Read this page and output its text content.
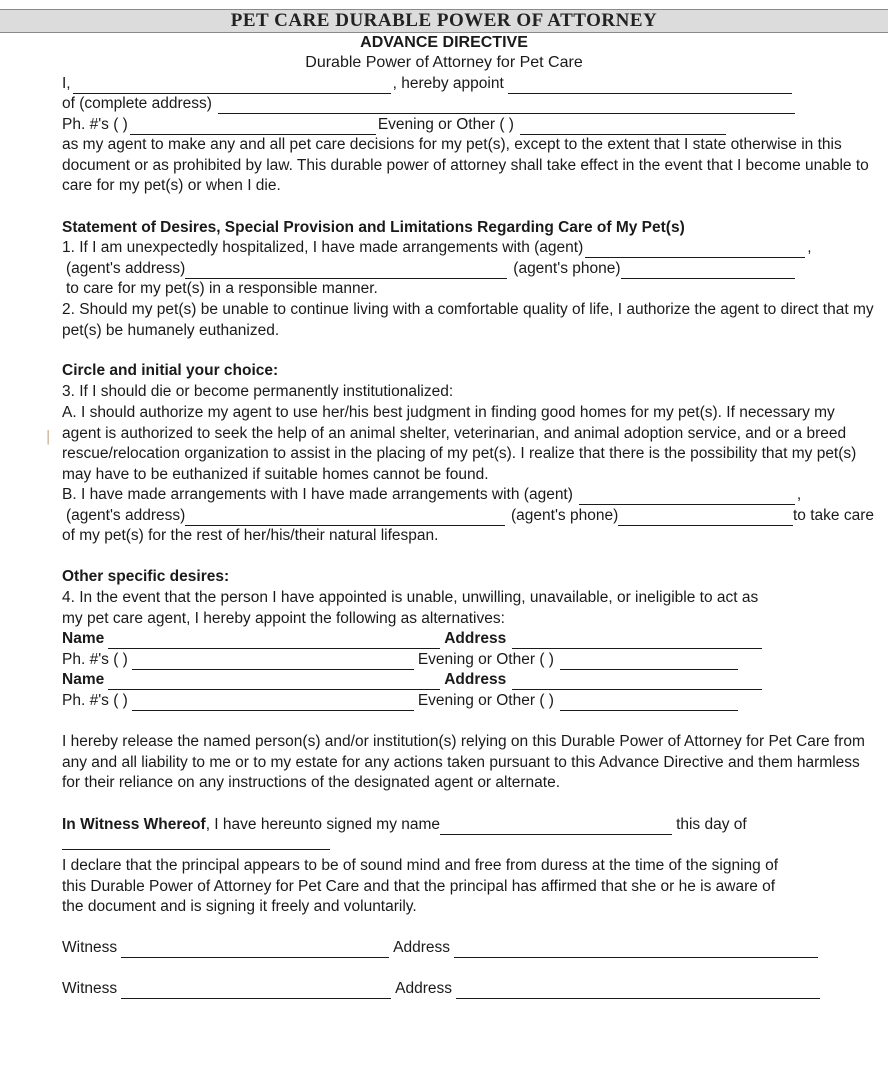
PET CARE DURABLE POWER OF ATTORNEY
ADVANCE DIRECTIVE
Durable Power of Attorney for Pet Care
I,	, hereby appoint
of (complete address)
Ph. #'s ( )	Evening or Other ( )
as my agent to make any and all pet care decisions for my pet(s), except to the extent that I state otherwise in this document or as prohibited by law. This durable power of attorney shall take effect in the event that I become unable to care for my pet(s) or when I die.
Statement of Desires, Special Provision and Limitations Regarding Care of My Pet(s)
1. If I am unexpectedly hospitalized, I have made arrangements with (agent)	,
(agent's address)	(agent's phone)
to care for my pet(s) in a responsible manner.
2. Should my pet(s) be unable to continue living with a comfortable quality of life, I authorize the agent to direct that my pet(s) be humanely euthanized.
Circle and initial your choice:
3. If I should die or become permanently institutionalized:
A. I should authorize my agent to use her/his best judgment in finding good homes for my pet(s). If necessary my agent is authorized to seek the help of an animal shelter, veterinarian, and animal adoption service, and or a breed rescue/relocation organization to assist in the placing of my pet(s). I realize that there is the possibility that my pet(s) may have to be euthanized if suitable homes cannot be found.
│
B. I have made arrangements with I have made arrangements with (agent)	,
(agent's address)	(agent's phone)	to take care
of my pet(s) for the rest of her/his/their natural lifespan.
Other specific desires:
4. In the event that the person I have appointed is unable, unwilling, unavailable, or ineligible to act as my pet care agent, I hereby appoint the following as alternatives:
Name	Address
Ph. #'s ( )	Evening or Other ( )
Name	Address
Ph. #'s ( )	Evening or Other ( )
I hereby release the named person(s) and/or institution(s) relying on this Durable Power of Attorney for Pet Care from any and all liability to me or to my estate for any actions taken pursuant to this Advance Directive and them harmless for their reliance on any instructions of the designated agent or alternate.
In Witness Whereof , I have hereunto signed my name	this day of
I declare that the principal appears to be of sound mind and free from duress at the time of the signing of this Durable Power of Attorney for Pet Care and that the principal has affirmed that she or he is aware of the document and is signing it freely and voluntarily.
Witness	Address
Witness	Address
